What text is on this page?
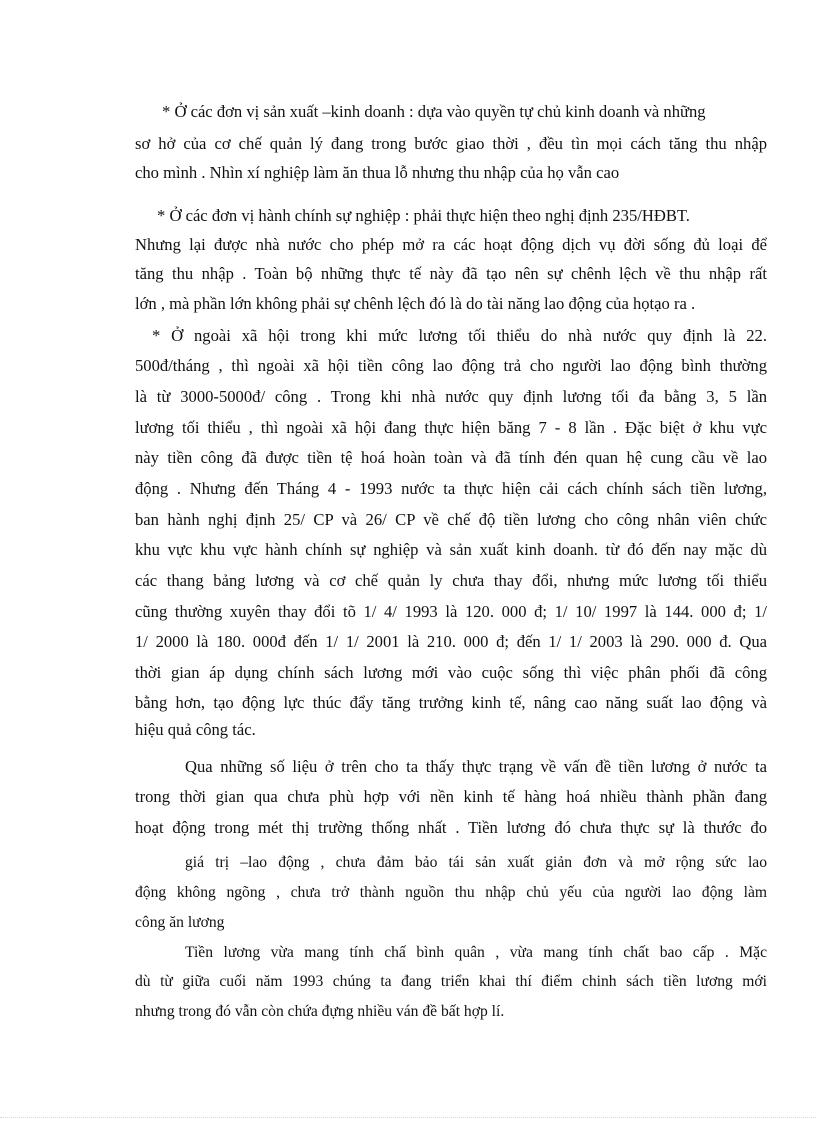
* Ở các đơn vị sản xuất –kinh doanh : dựa vào quyền tự chủ kinh doanh và những
sơ hở của cơ chế quản lý đang trong bước giao thời , đều tìn mọi cách tăng thu nhập
cho mình . Nhìn xí nghiệp làm ăn thua lỗ nhưng thu nhập của họ vẫn cao
* Ở các đơn vị hành chính sự nghiệp : phải thực hiện theo nghị định 235/HĐBT.
Nhưng lại được nhà nước cho phép mở ra các hoạt động dịch vụ đời sống đủ loại để
tăng thu nhập . Toàn bộ những thực tế này đã tạo nên sự chênh lệch về thu nhập rất
lớn , mà phần lớn không phải sự chênh lệch đó là do tài năng lao động của họtạo ra .
* Ở ngoài xã hội trong khi mức lương tối thiểu do nhà nước quy định là 22.
500đ/tháng , thì ngoài xã hội tiền công lao động trả cho người lao động bình thường
là từ 3000-5000đ/ công . Trong khi nhà nước quy định lương tối đa bằng 3, 5 lần
lương tối thiểu , thì ngoài xã hội đang thực hiện băng 7 - 8 lần . Đặc biệt ở khu vực
này tiền công đã được tiền tệ hoá hoàn toàn và đã tính đén quan hệ cung cầu về lao
động . Nhưng đến Tháng 4 - 1993 nước ta thực hiện cải cách chính sách tiền lương,
ban hành nghị định 25/ CP và 26/ CP về chế độ tiền lương cho công nhân viên chức
khu vực khu vực hành chính sự nghiệp và sản xuất kinh doanh. từ đó đến nay mặc dù
các thang bảng lương và cơ chế quản ly chưa thay đổi, nhưng mức lương tối thiểu
cũng thường xuyên thay đổi tõ 1/ 4/ 1993 là 120. 000 đ; 1/ 10/ 1997 là 144. 000 đ; 1/
1/ 2000 là 180. 000đ đến 1/ 1/ 2001 là 210. 000 đ; đến 1/ 1/ 2003 là 290. 000 đ. Qua
thời gian áp dụng chính sách lương mới vào cuộc sống thì việc phân phối đã công
bằng hơn, tạo động lực thúc đẩy tăng trưởng kinh tế, nâng cao năng suất lao động và
hiệu quả công tác.
Qua những số liệu ở trên cho ta thấy thực trạng về vấn đề tiền lương ở nước ta
trong thời gian qua chưa phù hợp với nền kinh tế hàng hoá nhiều thành phần đang
hoạt động trong mét thị trường thống nhất . Tiền lương đó chưa thực sự là thước đo
giá trị –lao động , chưa đảm bảo tái sản xuất giản đơn và mở rộng sức lao
động không ngõng , chưa trở thành nguồn thu nhập chủ yếu của người lao động làm
công ăn lương
Tiền lương vừa mang tính chấ bình quân , vừa mang tính chất bao cấp . Mặc
dù từ giữa cuối năm 1993 chúng ta đang triển khai thí điểm chinh sách tiền lương mới
nhưng trong đó vẫn còn chứa đựng nhiều ván đề bất hợp lí.
